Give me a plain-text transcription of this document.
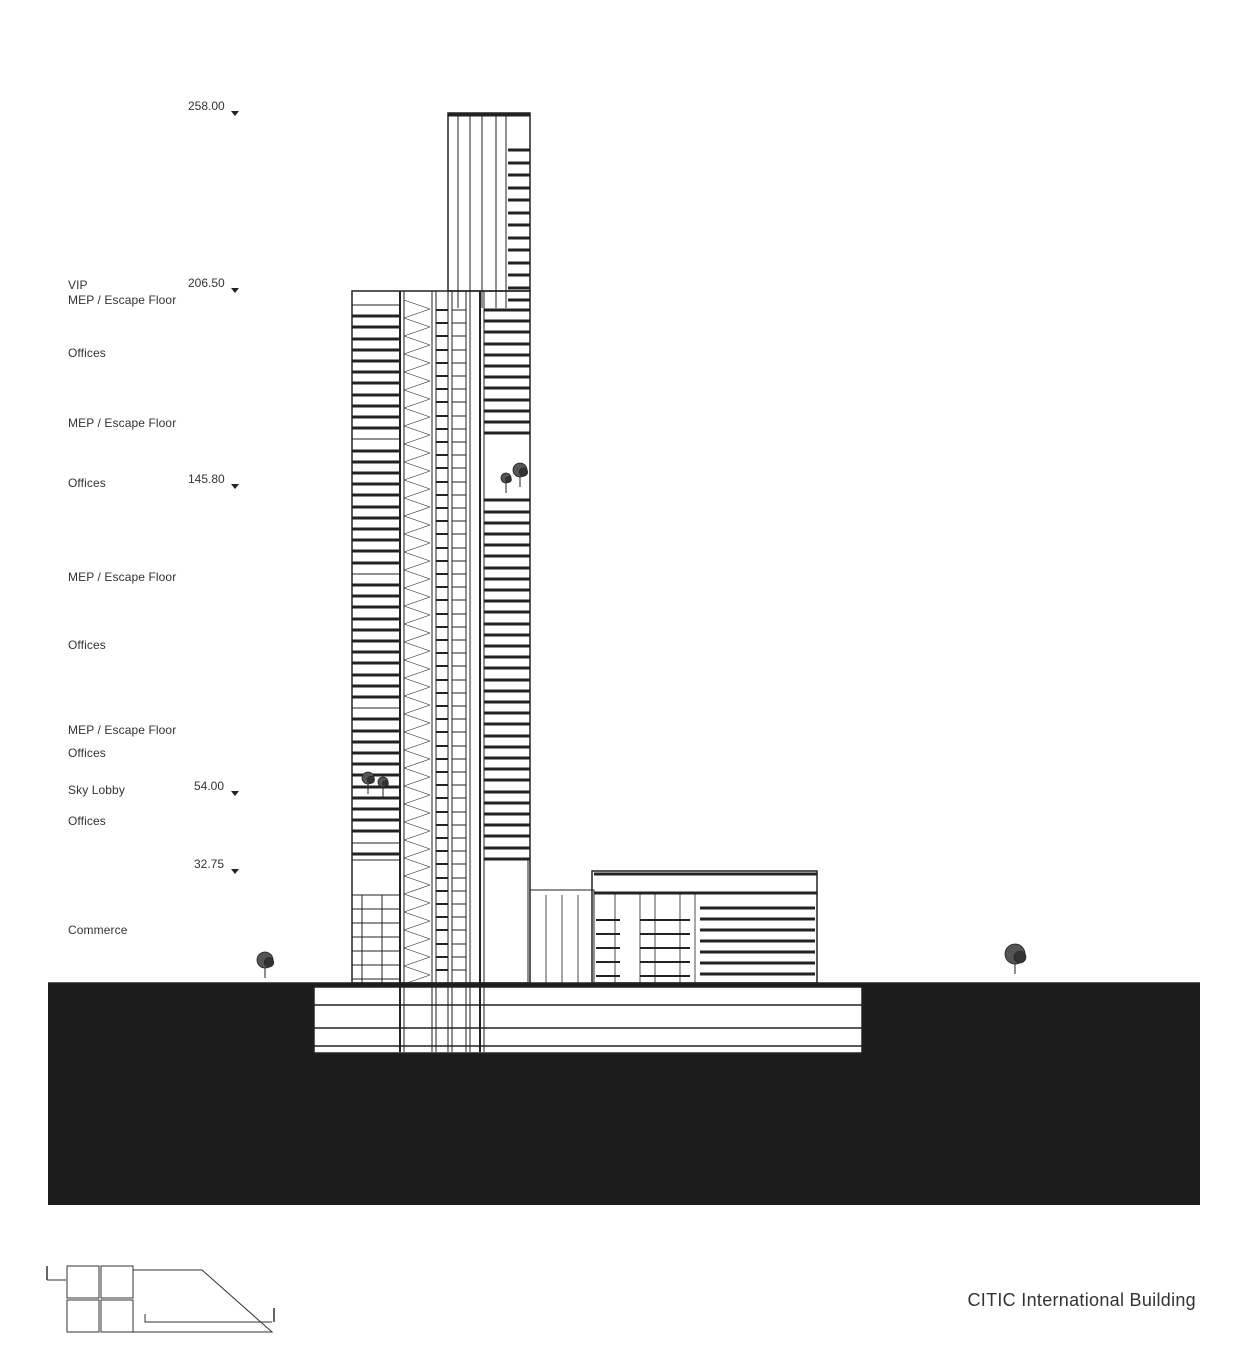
258.00
206.50
145.80
54.00
32.75
VIP
MEP / Escape Floor
Offices
MEP / Escape Floor
Offices
MEP / Escape Floor
Offices
MEP / Escape Floor
Offices
Sky Lobby
Offices
Commerce
CITIC International Building
